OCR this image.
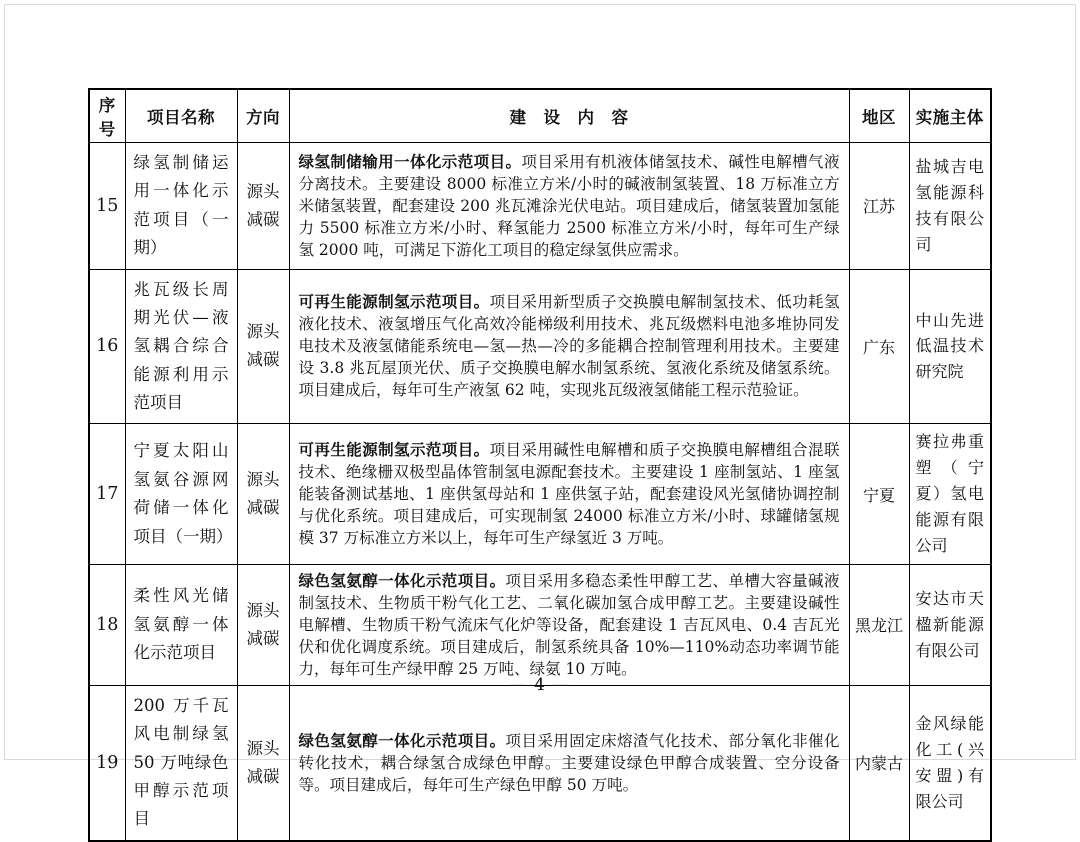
序号	项目名称	方向	建　设　内　容	地区	实施主体
15	绿氢制储运用一体化示范项目（一期）	源头减碳	绿氢制储输用一体化示范项目。项目采用有机液体储氢技术、碱性电解槽气液分离技术。主要建设 8000 标准立方米/小时的碱液制氢装置、18 万标准立方米储氢装置，配套建设 200 兆瓦滩涂光伏电站。项目建成后，储氢装置加氢能力 5500 标准立方米/小时、释氢能力 2500 标准立方米/小时，每年可生产绿氢 2000 吨，可满足下游化工项目的稳定绿氢供应需求。	江苏	盐城吉电氢能源科技有限公司
16	兆瓦级长周期光伏—液氢耦合综合能源利用示范项目	源头减碳	可再生能源制氢示范项目。项目采用新型质子交换膜电解制氢技术、低功耗氢液化技术、液氢增压气化高效冷能梯级利用技术、兆瓦级燃料电池多堆协同发电技术及液氢储能系统电—氢—热—冷的多能耦合控制管理利用技术。主要建设 3.8 兆瓦屋顶光伏、质子交换膜电解水制氢系统、氢液化系统及储氢系统。项目建成后，每年可生产液氢 62 吨，实现兆瓦级液氢储能工程示范验证。	广东	中山先进低温技术研究院
17	宁夏太阳山氢氨谷源网荷储一体化项目（一期）	源头减碳	可再生能源制氢示范项目。项目采用碱性电解槽和质子交换膜电解槽组合混联技术、绝缘栅双极型晶体管制氢电源配套技术。主要建设 1 座制氢站、1 座氢能装备测试基地、1 座供氢母站和 1 座供氢子站，配套建设风光氢储协调控制与优化系统。项目建成后，可实现制氢 24000 标准立方米/小时、球罐储氢规模 37 万标准立方米以上，每年可生产绿氢近 3 万吨。	宁夏	赛拉弗重塑（宁夏）氢电能源有限公司
18	柔性风光储氢氨醇一体化示范项目	源头减碳	绿色氢氨醇一体化示范项目。项目采用多稳态柔性甲醇工艺、单槽大容量碱液制氢技术、生物质干粉气化工艺、二氧化碳加氢合成甲醇工艺。主要建设碱性电解槽、生物质干粉气流床气化炉等设备，配套建设 1 吉瓦风电、0.4 吉瓦光伏和优化调度系统。项目建成后，制氢系统具备 10%—110%动态功率调节能力，每年可生产绿甲醇 25 万吨、绿氨 10 万吨。	黑龙江	安达市天楹新能源有限公司
19	200 万千瓦风电制绿氢 50 万吨绿色甲醇示范项目	源头减碳	绿色氢氨醇一体化示范项目。项目采用固定床熔渣气化技术、部分氧化非催化转化技术，耦合绿氢合成绿色甲醇。主要建设绿色甲醇合成装置、空分设备等。项目建成后，每年可生产绿色甲醇 50 万吨。	内蒙古	金风绿能化工(兴安盟)有限公司
— 4 —
